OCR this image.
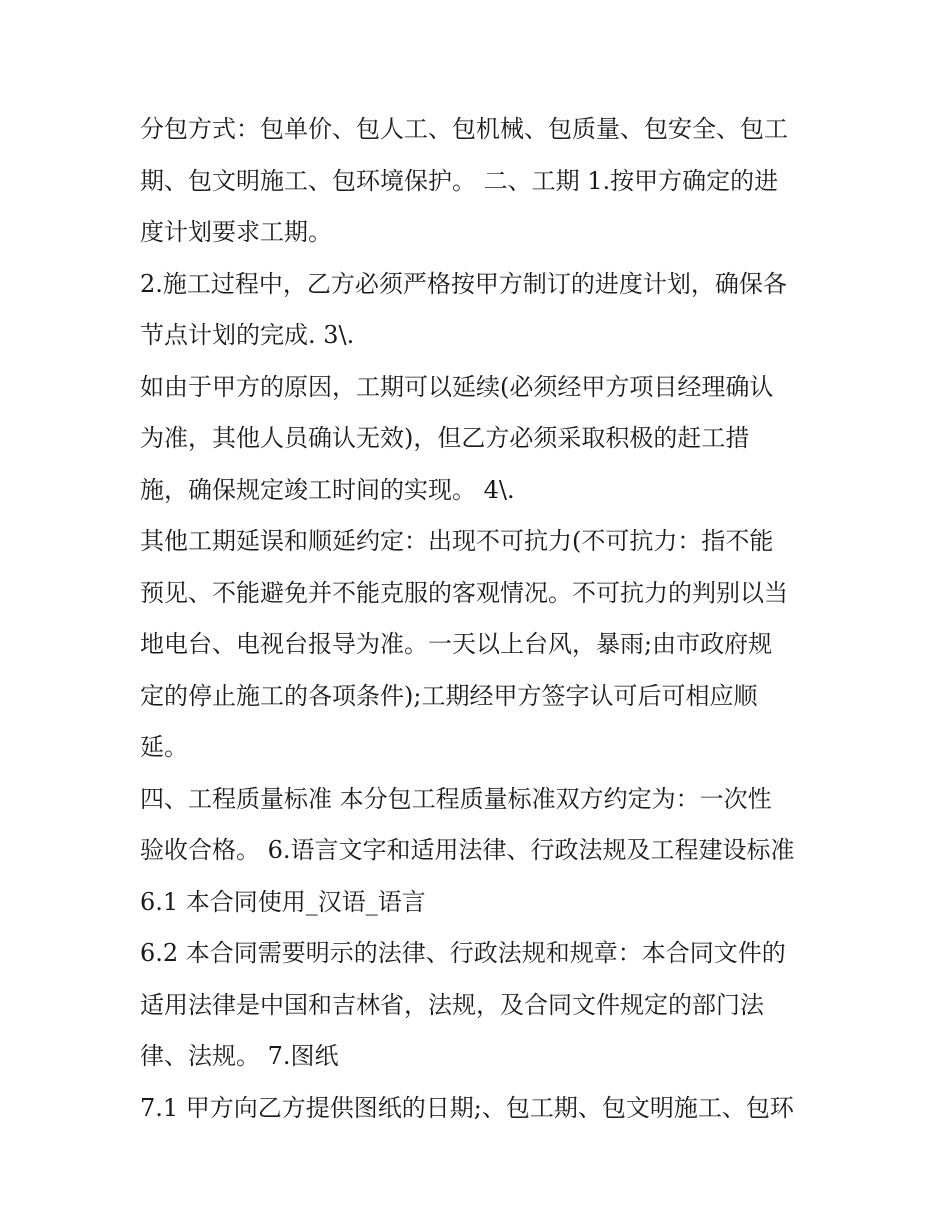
分包方式：包单价、包人工、包机械、包质量、包安全、包工
期、包文明施工、包环境保护。 二、工期 1.按甲方确定的进
度计划要求工期。
2.施工过程中，乙方必须严格按甲方制订的进度计划，确保各
节点计划的完成. 3\.
如由于甲方的原因，工期可以延续(必须经甲方项目经理确认
为准，其他人员确认无效)，但乙方必须采取积极的赶工措
施，确保规定竣工时间的实现。 4\.
其他工期延误和顺延约定：出现不可抗力(不可抗力：指不能
预见、不能避免并不能克服的客观情况。不可抗力的判别以当
地电台、电视台报导为准。一天以上台风，暴雨;由市政府规
定的停止施工的各项条件);工期经甲方签字认可后可相应顺
延。
四、工程质量标准 本分包工程质量标准双方约定为：一次性
验收合格。 6.语言文字和适用法律、行政法规及工程建设标准
6.1 本合同使用_汉语_语言
6.2 本合同需要明示的法律、行政法规和规章：本合同文件的
适用法律是中国和吉林省，法规，及合同文件规定的部门法
律、法规。 7.图纸
7.1 甲方向乙方提供图纸的日期;、包工期、包文明施工、包环
